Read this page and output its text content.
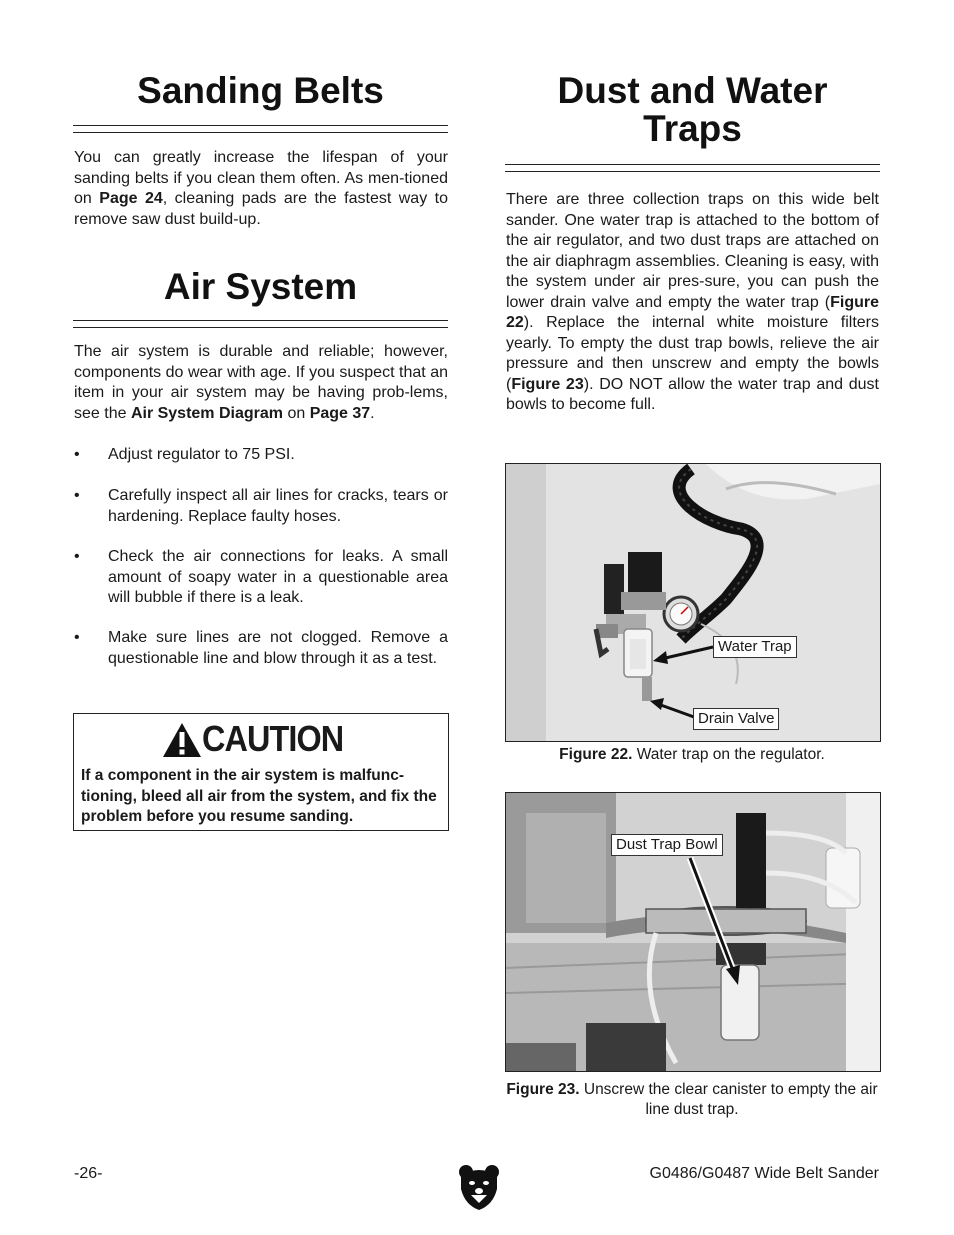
Sanding Belts

You can greatly increase the lifespan of your sanding belts if you clean them often. As men-tioned on Page 24, cleaning pads are the fastest way to remove saw dust build-up.

Air System

The air system is durable and reliable; however, components do wear with age. If you suspect that an item in your air system may be having prob-lems, see the Air System Diagram on Page 37.

• Adjust regulator to 75 PSI.
• Carefully inspect all air lines for cracks, tears or hardening. Replace faulty hoses.
• Check the air connections for leaks. A small amount of soapy water in a questionable area will bubble if there is a leak.
• Make sure lines are not clogged. Remove a questionable line and blow through it as a test.
CAUTION
If a component in the air system is malfunc-tioning, bleed all air from the system, and fix the problem before you resume sanding.
Dust and Water
Traps

There are three collection traps on this wide belt sander. One water trap is attached to the bottom of the air regulator, and two dust traps are attached on the air diaphragm assemblies. Cleaning is easy, with the system under air pres-sure, you can push the lower drain valve and empty the water trap (Figure 22). Replace the internal white moisture filters yearly. To empty the dust trap bowls, relieve the air pressure and then unscrew and empty the bowls (Figure 23). DO NOT allow the water trap and dust bowls to become full.

Water Trap
Drain Valve
Figure 22. Water trap on the regulator.
Dust Trap Bowl
Figure 23. Unscrew the clear canister to empty the air line dust trap.
-26-	G0486/G0487 Wide Belt Sander
